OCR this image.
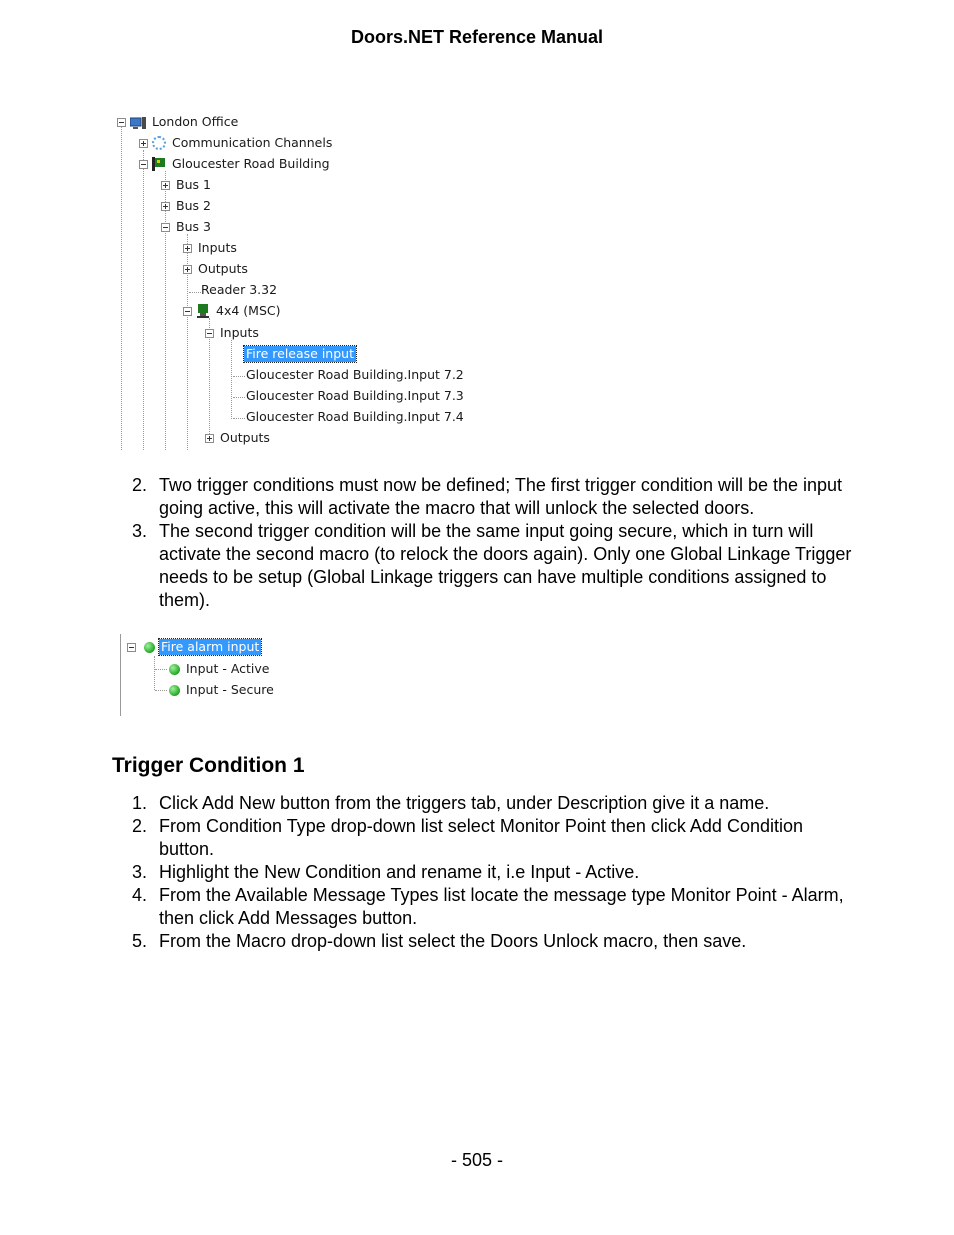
Doors.NET Reference Manual
London Office
Communication Channels
Gloucester Road Building
Bus 1
Bus 2
Bus 3
Inputs
Outputs
Reader 3.32
4x4 (MSC)
Inputs
Fire release input
Gloucester Road Building.Input 7.2
Gloucester Road Building.Input 7.3
Gloucester Road Building.Input 7.4
Outputs
2. Two trigger conditions must now be defined; The first trigger condition will be the input going active, this will activate the macro that will unlock the selected doors.
3. The second trigger condition will be the same input going secure, which in turn will activate the second macro (to relock the doors again). Only one Global Linkage Trigger needs to be setup (Global Linkage triggers can have multiple conditions assigned to them).
Fire alarm input
Input - Active
Input - Secure
Trigger Condition 1
1. Click Add New button from the triggers tab, under Description give it a name.
2. From Condition Type drop-down list select Monitor Point then click Add Condition button.
3. Highlight the New Condition and rename it, i.e Input - Active.
4. From the Available Message Types list locate the message type Monitor Point - Alarm, then click Add Messages button.
5. From the Macro drop-down list select the Doors Unlock macro, then save.
- 505 -
